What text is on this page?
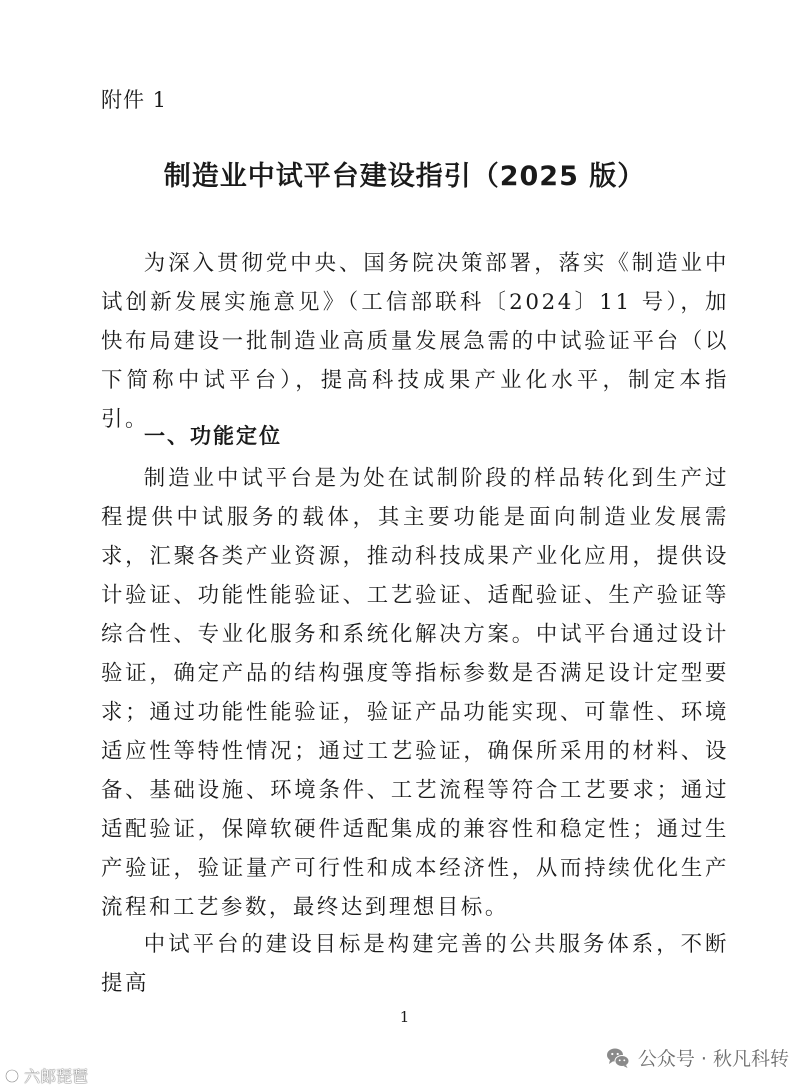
附件 1
制造业中试平台建设指引（2025 版）
为深入贯彻党中央、国务院决策部署，落实《制造业中试创新发展实施意见》（工信部联科〔2024〕11 号），加快布局建设一批制造业高质量发展急需的中试验证平台（以下简称中试平台），提高科技成果产业化水平，制定本指引。
一、功能定位
制造业中试平台是为处在试制阶段的样品转化到生产过程提供中试服务的载体，其主要功能是面向制造业发展需求，汇聚各类产业资源，推动科技成果产业化应用，提供设计验证、功能性能验证、工艺验证、适配验证、生产验证等综合性、专业化服务和系统化解决方案。中试平台通过设计验证，确定产品的结构强度等指标参数是否满足设计定型要求；通过功能性能验证，验证产品功能实现、可靠性、环境适应性等特性情况；通过工艺验证，确保所采用的材料、设备、基础设施、环境条件、工艺流程等符合工艺要求；通过适配验证，保障软硬件适配集成的兼容性和稳定性；通过生产验证，验证量产可行性和成本经济性，从而持续优化生产流程和工艺参数，最终达到理想目标。
中试平台的建设目标是构建完善的公共服务体系，不断提高
1
六郎琵琶
公众号 · 秋凡科转
